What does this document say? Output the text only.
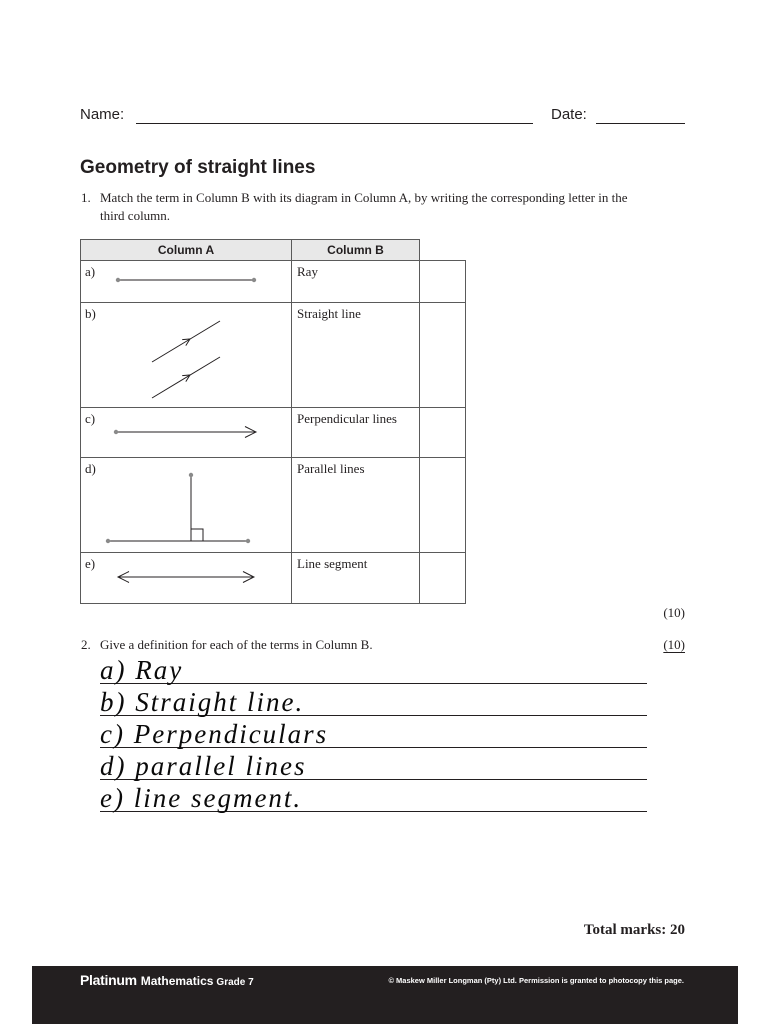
Name:	Date:
Geometry of straight lines
1. Match the term in Column B with its diagram in Column A, by writing the corresponding letter in the
third column.
Column A	Column B
a)	Ray
b)	Straight line
c)	Perpendicular lines
d)	Parallel lines
e)	Line segment
(10)
2. Give a definition for each of the terms in Column B.	(10)
a) Ray
b) Straight line.
c) Perpendiculars
d) parallel lines
e) line segment.
Total marks: 20
Platinum Mathematics Grade 7	© Maskew Miller Longman (Pty) Ltd. Permission is granted to photocopy this page.
